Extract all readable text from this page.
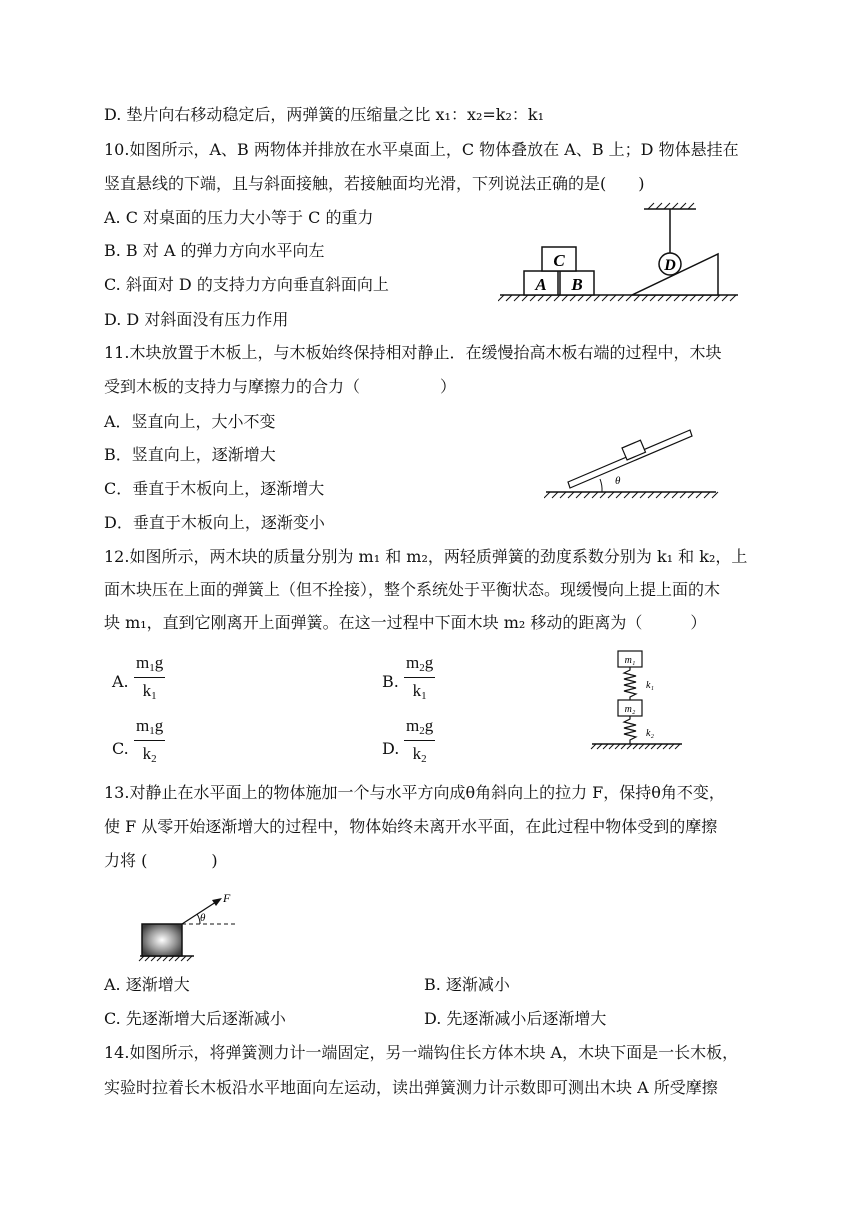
D. 垫片向右移动稳定后，两弹簧的压缩量之比 x₁：x₂=k₂：k₁
10.如图所示，A、B 两物体并排放在水平桌面上，C 物体叠放在 A、B 上；D 物体悬挂在
竖直悬线的下端，且与斜面接触，若接触面均光滑，下列说法正确的是(　　)
A. C 对桌面的压力大小等于 C 的重力
B. B 对 A 的弹力方向水平向左
C. 斜面对 D 的支持力方向垂直斜面向上
D. D 对斜面没有压力作用
11.木块放置于木板上，与木板始终保持相对静止．在缓慢抬高木板右端的过程中，木块
受到木板的支持力与摩擦力的合力（　　　　　）
A．竖直向上，大小不变
B．竖直向上，逐渐增大
C．垂直于木板向上，逐渐增大
D．垂直于木板向上，逐渐变小
12.如图所示，两木块的质量分别为 m₁ 和 m₂，两轻质弹簧的劲度系数分别为 k₁ 和 k₂，上
面木块压在上面的弹簧上（但不拴接），整个系统处于平衡状态。现缓慢向上提上面的木
块 m₁，直到它刚离开上面弹簧。在这一过程中下面木块 m₂ 移动的距离为（　　　）
A. $\frac{m_1g}{k_1}$	B. $\frac{m_2g}{k_1}$
C. $\frac{m_1g}{k_2}$	D. $\frac{m_2g}{k_2}$
13.对静止在水平面上的物体施加一个与水平方向成θ角斜向上的拉力 F，保持θ角不变，
使 F 从零开始逐渐增大的过程中，物体始终未离开水平面，在此过程中物体受到的摩擦
力将 (　　　　)
A. 逐渐增大	B. 逐渐减小
C. 先逐渐增大后逐渐减小	D. 先逐渐减小后逐渐增大
14.如图所示，将弹簧测力计一端固定，另一端钩住长方体木块 A，木块下面是一长木板，
实验时拉着长木板沿水平地面向左运动，读出弹簧测力计示数即可测出木块 A 所受摩擦
A B
C	D
θ
m₁
k₁
m₂
k₂
F
θ
